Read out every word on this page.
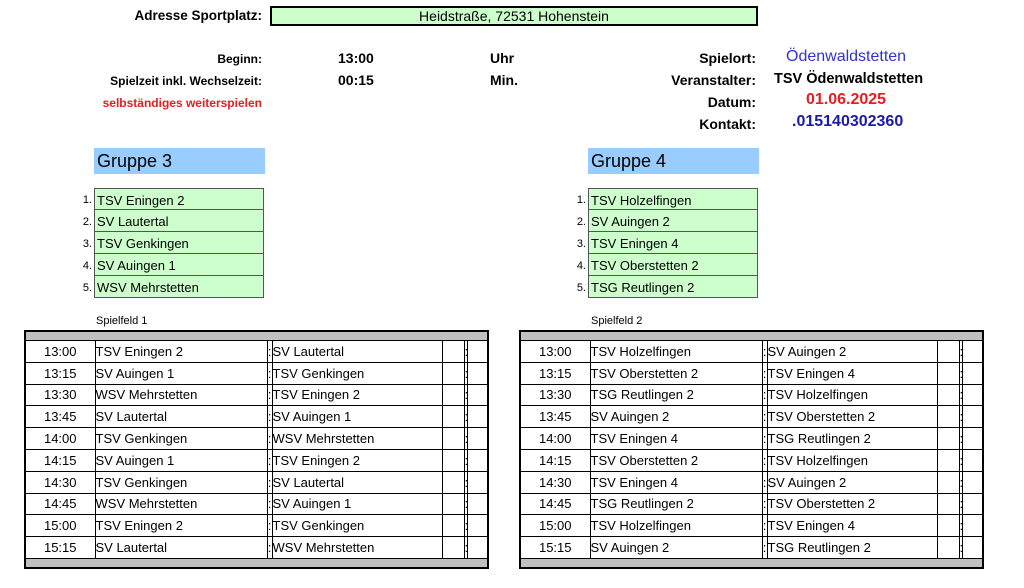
Adresse Sportplatz:	Heidstraße, 72531 Hohenstein
Beginn:	13:00	Uhr
Spielzeit inkl. Wechselzeit:	00:15	Min.
selbständiges weiterspielen
Spielort: Ödenwaldstetten
Veranstalter: TSV Ödenwaldstetten
Datum:	01.06.2025
Kontakt: .015140302360
Gruppe 3
1. TSV Eningen 2
2. SV Lautertal
3. TSV Genkingen
4. SV Auingen 1
5. WSV Mehrstetten
Gruppe 4
1. TSV Holzelfingen
2. SV Auingen 2
3. TSV Eningen 4
4. TSV Oberstetten 2
5. TSG Reutlingen 2
Spielfeld 1	Spielfeld 2
13:00	TSV Eningen 2	:	SV Lautertal		:	
13:15	SV Auingen 1	:	TSV Genkingen		:	
13:30	WSV Mehrstetten	:	TSV Eningen 2		:	
13:45	SV Lautertal	:	SV Auingen 1		:	
14:00	TSV Genkingen	:	WSV Mehrstetten		:	
14:15	SV Auingen 1	:	TSV Eningen 2		:	
14:30	TSV Genkingen	:	SV Lautertal		:	
14:45	WSV Mehrstetten	:	SV Auingen 1		:	
15:00	TSV Eningen 2	:	TSV Genkingen		:	
15:15	SV Lautertal	:	WSV Mehrstetten		:	
13:00	TSV Holzelfingen	:	SV Auingen 2		:	
13:15	TSV Oberstetten 2	:	TSV Eningen 4		:	
13:30	TSG Reutlingen 2	:	TSV Holzelfingen		:	
13:45	SV Auingen 2	:	TSV Oberstetten 2		:	
14:00	TSV Eningen 4	:	TSG Reutlingen 2		:	
14:15	TSV Oberstetten 2	:	TSV Holzelfingen		:	
14:30	TSV Eningen 4	:	SV Auingen 2		:	
14:45	TSG Reutlingen 2	:	TSV Oberstetten 2		:	
15:00	TSV Holzelfingen	:	TSV Eningen 4		:	
15:15	SV Auingen 2	:	TSG Reutlingen 2		:	
